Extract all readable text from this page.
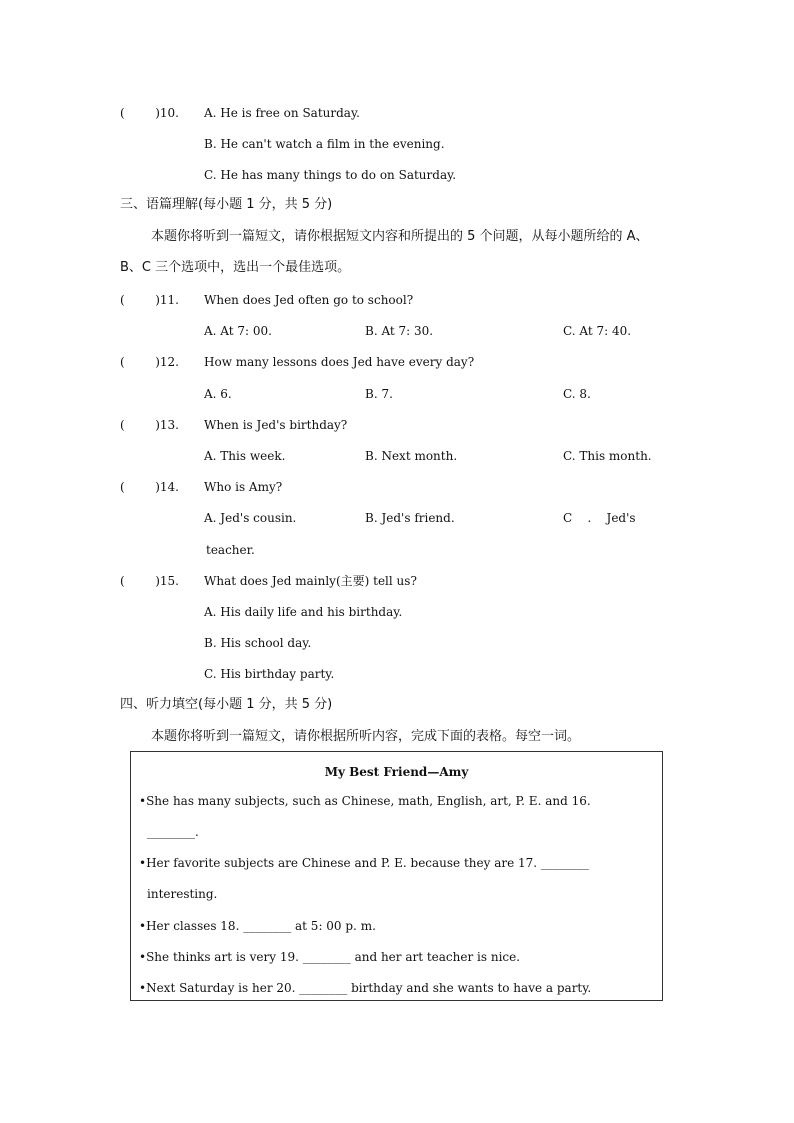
(        )10. A. He is free on Saturday.
B. He can't watch a film in the evening.
C. He has many things to do on Saturday.
三、语篇理解(每小题 1 分，共 5 分)
本题你将听到一篇短文，请你根据短文内容和所提出的 5 个问题，从每小题所给的 A、
B、C 三个选项中，选出一个最佳选项。
(        )11. When does Jed often go to school?
A. At 7: 00.	B. At 7: 30.	C. At 7: 40.
(        )12. How many lessons does Jed have every day?
A. 6.	B. 7.	C. 8.
(        )13. When is Jed's birthday?
A. This week.	B. Next month.	C. This month.
(        )14. Who is Amy?
A. Jed's cousin.	B. Jed's friend.	C    .    Jed's
teacher.
(        )15. What does Jed mainly(主要) tell us?
A. His daily life and his birthday.
B. His school day.
C. His birthday party.
四、听力填空(每小题 1 分，共 5 分)
本题你将听到一篇短文，请你根据所听内容，完成下面的表格。每空一词。
My Best Friend—Amy
•She has many subjects, such as Chinese, math, English, art, P. E. and 16.
________.
•Her favorite subjects are Chinese and P. E. because they are 17. ________
interesting.
•Her classes 18. ________ at 5: 00 p. m.
•She thinks art is very 19. ________ and her art teacher is nice.
•Next Saturday is her 20. ________ birthday and she wants to have a party.
